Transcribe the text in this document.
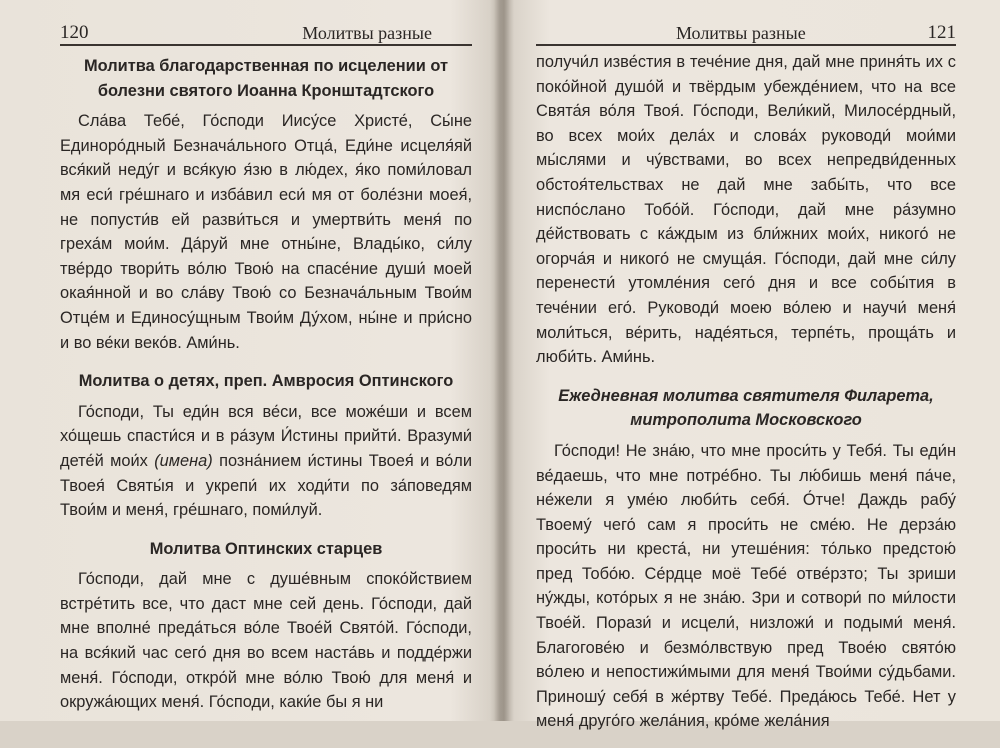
120	Молитвы разные
Молитва благодарственная по исцелении от болезни святого Иоанна Кронштадтского

Сла́ва Тебе́, Го́споди Иису́се Христе́, Сы́не Единоро́дный Безнача́льного Отца́, Еди́не исцеля́яй вся́кий неду́г и вся́кую я́зю в лю́дех, я́ко поми́ловал мя еси́ гре́шнаго и изба́вил еси́ мя от боле́зни моея́, не попусти́в ей разви́ться и умертви́ть меня́ по греха́м мои́м. Да́руй мне отны́не, Влады́ко, си́лу тве́рдо твори́ть во́лю Твою́ на спасе́ние души́ моей окая́нной и во сла́ву Твою́ со Безнача́льным Твои́м Отце́м и Единосу́щным Твои́м Ду́хом, ны́не и при́сно и во ве́ки веко́в. Ами́нь.

Молитва о детях, преп. Амвросия Оптинского

Го́споди, Ты еди́н вся ве́си, все може́ши и всем хо́щешь спасти́ся и в ра́зум И́стины прийти́. Вразуми́ дете́й мои́х (имена) позна́нием и́стины Твоея́ и во́ли Твоея́ Святы́я и укрепи́ их ходи́ти по за́поведям Твои́м и меня́, гре́шнаго, поми́луй.

Молитва Оптинских старцев

Го́споди, дай мне с душе́вным споко́йствием встре́тить все, что даст мне сей день. Го́споди, дай мне вполне́ преда́ться во́ле Твое́й Свято́й. Го́споди, на вся́кий час сего́ дня во всем наста́вь и подде́ржи меня́. Го́споди, откро́й мне во́лю Твою́ для меня́ и окружа́ющих меня́. Го́споди, каки́е бы я ни

Молитвы разные	121

получи́л изве́стия в тече́ние дня, дай мне приня́ть их с поко́йной душо́й и твёрдым убежде́нием, что на все Свята́я во́ля Твоя́. Го́споди, Вели́кий, Милосе́рдный, во всех мои́х дела́х и слова́х руководи́ мои́ми мы́слями и чу́вствами, во всех непредви́денных обстоя́тельствах не дай мне забы́ть, что все ниспо́слано Тобо́й. Го́споди, дай мне ра́зумно де́йствовать с ка́ждым из бли́жних мои́х, никого́ не огорча́я и никого́ не смуща́я. Го́споди, дай мне си́лу перенести́ утомле́ния сего́ дня и все собы́тия в тече́нии его́. Руководи́ моею во́лею и научи́ меня́ моли́ться, ве́рить, наде́яться, терпе́ть, проща́ть и люби́ть. Ами́нь.

Ежедневная молитва святителя Филарета, митрополита Московского

Го́споди! Не зна́ю, что мне проси́ть у Тебя́. Ты еди́н ве́даешь, что мне потре́бно. Ты лю́бишь меня́ па́че, не́жели я уме́ю люби́ть себя́. О́тче! Даждь рабу́ Твоему́ чего́ сам я проси́ть не сме́ю. Не дерза́ю проси́ть ни креста́, ни утеше́ния: то́лько предстою́ пред Тобо́ю. Се́рдце моё Тебе́ отве́рзто; Ты зриши ну́жды, кото́рых я не зна́ю. Зри и сотвори́ по ми́лости Твое́й. Порази́ и исцели́, низложи́ и подыми́ меня́. Благогове́ю и безмо́лвствую пред Твое́ю свято́ю во́лею и непостижи́мыми для меня́ Твои́ми су́дьбами. Приношу́ себя́ в же́ртву Тебе́. Преда́юсь Тебе́. Нет у меня́ друго́го жела́ния, кро́ме жела́ния
